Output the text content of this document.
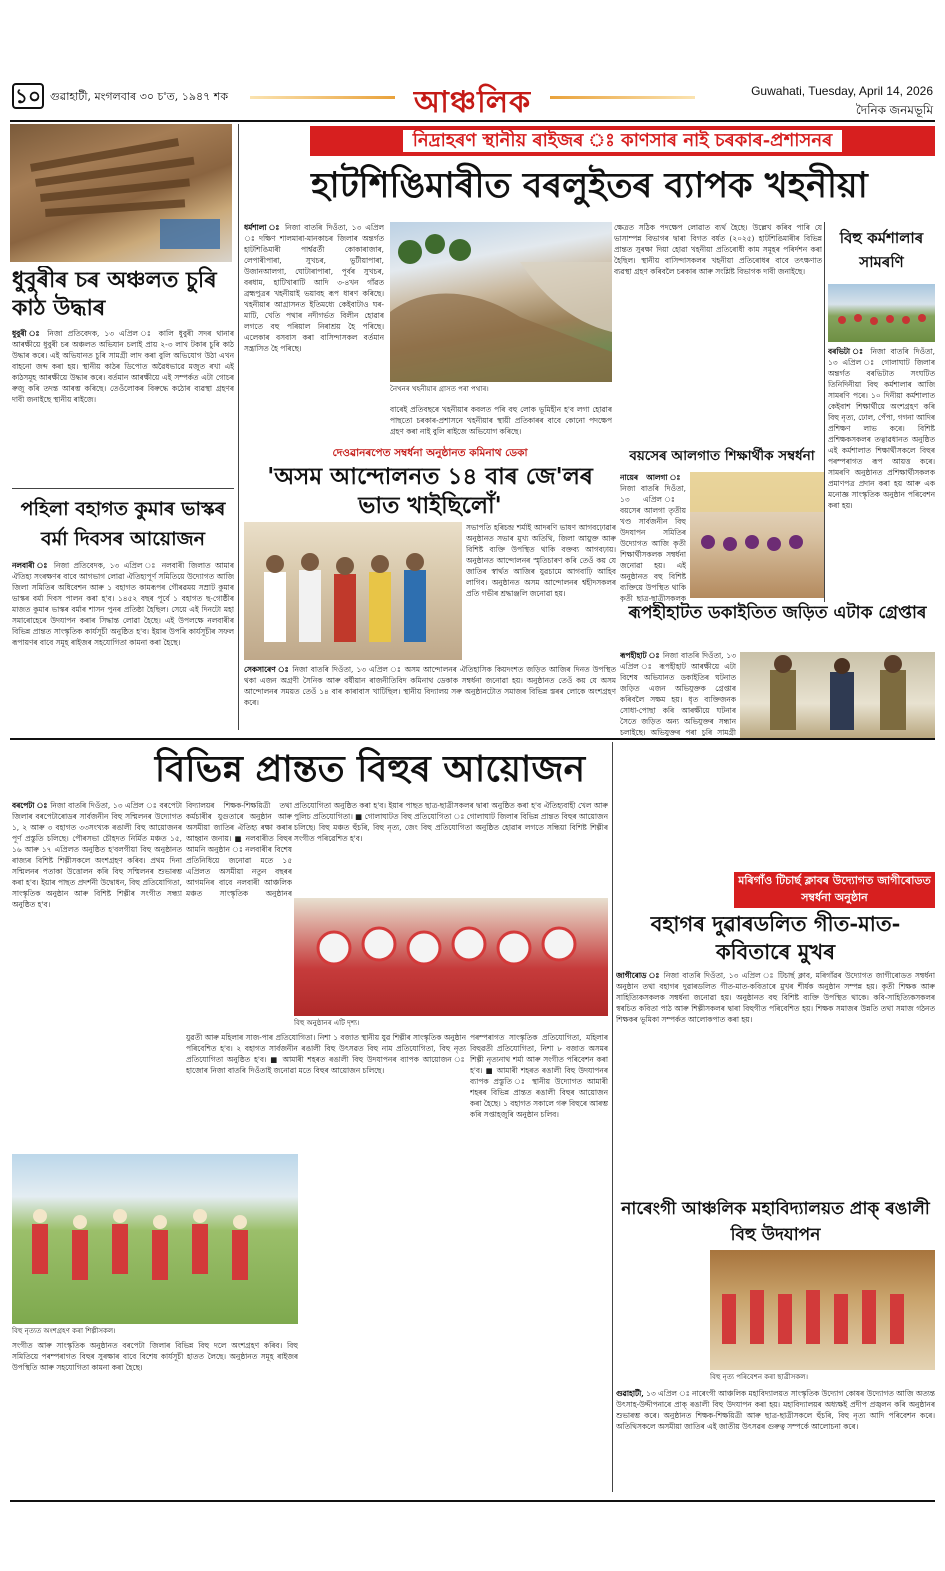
১০ গুৱাহাটী, মংগলবাৰ ৩০ চ'ত, ১৯৪৭ শক	আঞ্চলিক	Guwahati, Tuesday, April 14, 2026
দৈনিক জনমভূমি
নিদ্ৰাহৰণ স্থানীয় ৰাইজৰ ঃ কাণসাৰ নাই চৰকাৰ-প্ৰশাসনৰ
ধুবুৰীৰ চৰ অঞ্চলত চুৰি কাঠ উদ্ধাৰ
ধুবুৰী ঃ নিজা প্ৰতিবেদক, ১৩ এপ্ৰিল ঃ কালি ধুবুৰী সদৰ থানাৰ আৰক্ষীয়ে ধুবুৰী চৰ অঞ্চলত অভিযান চলাই প্ৰায় ২-৩ লাখ টকাৰ চুৰি কাঠ উদ্ধাৰ কৰে। এই অভিযানত চুৰি সামগ্ৰী লাদ কৰা বুলি অভিযোগ উঠা এখন বাহনো জব্দ কৰা হয়। স্থানীয় কাঠৰ ডিপোত অৱৈধভাৱে মজুত ৰখা এই কাঠসমূহ আৰক্ষীয়ে উদ্ধাৰ কৰে। বৰ্তমান আৰক্ষীয়ে এই সম্পৰ্কত এটা গোচৰ ৰুজু কৰি তদন্ত আৰম্ভ কৰিছে। তেওঁলোকৰ বিৰুদ্ধে কঠোৰ ব্যৱস্থা গ্ৰহণৰ দাবী জনাইছে স্থানীয় ৰাইজে।
পহিলা বহাগত কুমাৰ ভাস্কৰ বৰ্মা দিবসৰ আয়োজন
নলবাৰী ঃ নিজা প্ৰতিবেদক, ১৩ এপ্ৰিল ঃ নলবাৰী জিলাত আমাৰ ঐতিহ্য সংৰক্ষণৰ বাবে আগভাগ লোৱা ঐতিহ্যপূৰ্ণ সমিতিয়ে উদ্যোগত আজি জিলা সমিতিৰ অধিবেশন আৰু ১ বহাগত কামৰূপৰ গৌৰৱময় সম্ৰাট কুমাৰ ভাস্কৰ বৰ্মা দিবস পালন কৰা হ'ব। ১৪৫২ বছৰ পূৰ্বে ১ বহাগত ছ-গোষ্ঠীৰ মাজত কুমাৰ ভাস্কৰ বৰ্মাৰ শাসন পুনৰ প্ৰতিষ্ঠা হৈছিল। সেয়ে এই দিনটো মহা সমাৰোহেৰে উদযাপন কৰাৰ সিদ্ধান্ত লোৱা হৈছে। এই উপলক্ষে নলবাৰীৰ বিভিন্ন প্ৰান্তত সাংস্কৃতিক কাৰ্যসূচী অনুষ্ঠিত হ'ব। ইয়াৰ উপৰি কাৰ্যসূচীৰ সফল ৰূপায়ণৰ বাবে সমূহ ৰাইজৰ সহযোগিতা কামনা কৰা হৈছে।
হাটশিঙিমাৰীত বৰলুইতৰ ব্যাপক খহনীয়া
ধৰ্মশালা ঃ নিজা বাতৰি দিওঁতা, ১৩ এপ্ৰিল ঃ দক্ষিণ শালমাৰা-মানকাচৰ জিলাৰ অন্তৰ্গত হাটশিঙিমাৰী পাৰ্শ্বৱৰ্তী কোকাৰাজাৰ, লেপাৰীপাৰা, সুখচৰ, ভুটীয়াপাৰা, উজানআলগা, ঘোটাৰাপাৰা, পূৰ্বৰ সুখচৰ, বৰধাম, হাটিখাৰাটি আদি ৩-৪খন গাঁৱত ব্ৰহ্মপুত্ৰৰ খহনীয়াই ভয়াবহ ৰূপ ধাৰণ কৰিছে। খহনীয়াৰ আগ্ৰাসনত ইতিমধ্যে কেইবাটাও ঘৰ-মাটি, খেতি পথাৰ নদীগৰ্ভত বিলীন হোৱাৰ লগতে বহু পৰিয়াল নিৰাশ্ৰয় হৈ পৰিছে। এলেকাৰ বসবাস কৰা বাসিন্দাসকল বৰ্তমান সন্ত্ৰাসিত হৈ পৰিছে।
নৈখনৰ খহনীয়াৰ গ্ৰাসত পৰা পথাৰ।
ক্ষেত্ৰত সঠিক পদক্ষেপ লোৱাত ব্যৰ্থ হৈছে। উল্লেখ কৰিব পাৰি যে ভাসাম্পন্ন বিভাগৰ দ্বাৰা বিগত বৰ্ষত (২০২৫) হাটশিঙিমাৰীৰ বিভিন্ন প্ৰান্তত সুৰক্ষা দিয়া হোৱা খহনীয়া প্ৰতিৰোধী কাম সমূহৰ পৰিৰ্দশন কৰা হৈছিল। স্থানীয় বাসিন্দাসকলৰ খহনীয়া প্ৰতিৰোধৰ বাবে তৎক্ষণাত ব্যৱস্থা গ্ৰহণ কৰিবলৈ চৰকাৰ আৰু সংশ্লিষ্ট বিভাগক দাবী জনাইছে।
বাৰেই প্ৰতিবছৰে খহনীয়াৰ কবলত পৰি বহু লোক ভূমিহীন হ'ব লগা হোৱাৰ পাছতো চৰকাৰ-প্ৰশাসনে খহনীয়াৰ স্থায়ী প্ৰতিকাৰৰ বাবে কোনো পদক্ষেপ গ্ৰহণ কৰা নাই বুলি ৰাইজে অভিযোগ কৰিছে।
বিহু কৰ্মশালাৰ সামৰণি
বৰভিটা ঃ নিজা বাতৰি দিওঁতা, ১৩ এপ্ৰিল ঃ গোলাঘাট জিলাৰ অন্তৰ্গত বৰভিটাত সংঘটিত তিনিদিনীয়া বিহু কৰ্মশালাৰ আজি সামৰণি পৰে। ১০ দিনীয়া কৰ্মশালাত কেইবাশ শিক্ষাৰ্থীয়ে অংশগ্ৰহণ কৰি বিহু নৃত্য, ঢোল, পেঁপা, গগনা আদিৰ প্ৰশিক্ষণ লাভ কৰে। বিশিষ্ট প্ৰশিক্ষকসকলৰ তত্বাৱধানত অনুষ্ঠিত এই কৰ্মশালাত শিক্ষাৰ্থীসকলে বিহুৰ পৰম্পৰাগত ৰূপ আয়ত্ত কৰে। সামৰণি অনুষ্ঠানত প্ৰশিক্ষাৰ্থীসকলক প্ৰমাণপত্ৰ প্ৰদান কৰা হয় আৰু এক মনোজ্ঞ সাংস্কৃতিক অনুষ্ঠান পৰিবেশন কৰা হয়।
দেওৱানৰপেত সম্বৰ্ধনা অনুষ্ঠানত কমিনাথ ডেকা
'অসম আন্দোলনত ১৪ বাৰ জে'লৰ ভাত খাইছিলোঁ'
সেকসাৰেণ ঃ নিজা বাতৰি দিওঁতা, ১৩ এপ্ৰিল ঃ অসম আন্দোলনৰ ঐতিহাসিক কিয়দংশত জড়িত আজিৰ দিনত উপস্থিত থকা এজন অগ্ৰণী সৈনিক আৰু বৰ্ষীয়ান ৰাজনীতিবিদ কমিনাথ ডেকাক সম্বৰ্ধনা জনোৱা হয়। অনুষ্ঠানত তেওঁ কয় যে অসম আন্দোলনৰ সময়ত তেওঁ ১৪ বাৰ কাৰাবাস খাটিছিল। স্থানীয় বিদ্যালয় সৰু অনুষ্ঠানটোত সমাজৰ বিভিন্ন স্তৰৰ লোকে অংশগ্ৰহণ কৰে।
সভাপতি হৰিচন্দ্ৰ শৰ্মাই আদৰণি ভাষণ আগবঢ়োৱাৰ অনুষ্ঠানত সভাৰ মুখ্য অতিথি, জিলা আয়ুক্ত আৰু বিশিষ্ট ব্যক্তি উপস্থিত থাকি বক্তব্য আগবঢ়ায়। অনুষ্ঠানত আন্দোলনৰ স্মৃতিচাৰণ কৰি তেওঁ কয় যে জাতিৰ স্বাৰ্থত আজিৰ যুৱচামে আগবাঢ়ি আহিব লাগিব। অনুষ্ঠানত অসম আন্দোলনৰ শ্বহীদসকলৰ প্ৰতি গভীৰ শ্ৰদ্ধাঞ্জলি জনোৱা হয়।
বয়সেৰ আলগাত শিক্ষাৰ্থীক সম্বৰ্ধনা
নায়েৰ আলগা ঃ নিজা বাতৰি দিওঁতা, ১৩ এপ্ৰিল ঃ বয়সেৰ আলগা তৃতীয় খণ্ড সাৰ্বজনীন বিহু উদযাপন সমিতিৰ উদ্যোগত আজি কৃতী শিক্ষাৰ্থীসকলক সম্বৰ্ধনা জনোৱা হয়। এই অনুষ্ঠানত বহু বিশিষ্ট ব্যক্তিয়ে উপস্থিত থাকি কৃতী ছাত্ৰ-ছাত্ৰীসকলক
ৰূপহীহাটত ডকাইতিত জড়িত এটাক গ্ৰেপ্তাৰ
ৰূপহীহাট ঃ নিজা বাতৰি দিওঁতা, ১৩ এপ্ৰিল ঃ ৰূপহীহাট আৰক্ষীয়ে এটা বিশেষ অভিযানত ডকাইতিৰ ঘটনাত জড়িত এজন অভিযুক্তক গ্ৰেপ্তাৰ কৰিবলৈ সক্ষম হয়। ধৃত ব্যক্তিজনক সোধা-পোছা কৰি আৰক্ষীয়ে ঘটনাৰ সৈতে জড়িত অন্য অভিযুক্তৰ সন্ধান চলাইছে। অভিযুক্তৰ পৰা চুৰি সামগ্ৰী
বিভিন্ন প্ৰান্তত বিহুৰ আয়োজন
বৰপেটা ঃ নিজা বাতৰি দিওঁতা, ১৩ এপ্ৰিল ঃ বৰপেটা জিলাৰ বৰপেটাৰোডৰ সাৰ্বজনীন বিহু সন্মিলনৰ উদ্যোগত ১, ২ আৰু ৩ বহাগত ৩৩সংখ্যক ৰঙালী বিহু আয়োজনৰ পূৰ্ণ প্ৰস্তুতি চলিছে। পৌৰসভা চৌহদত নিৰ্মিত মঞ্চত ১৫, ১৬ আৰু ১৭ এপ্ৰিলত অনুষ্ঠিত হ'বলগীয়া বিহু অনুষ্ঠানত ৰাজ্যৰ বিশিষ্ট শিল্পীসকলে অংশগ্ৰহণ কৰিব। প্ৰথম দিনা সন্মিলনৰ পতাকা উত্তোলন কৰি বিহু সম্মিলনৰ শুভাৰম্ভ কৰা হ'ব। ইয়াৰ পাছত প্ৰদৰ্শনী উদ্বোধন, বিহু প্ৰতিযোগিতা, সাংস্কৃতিক অনুষ্ঠান আৰু বিশিষ্ট শিল্পীৰ সংগীত সন্ধ্যা অনুষ্ঠিত হ'ব।
বিদ্যালয়ৰ শিক্ষক-শিক্ষয়িত্ৰী তথা কৰ্মচাৰীৰ যুগুতাৰে অনুষ্ঠান আৰু অসমীয়া জাতিৰ ঐতিহ্য ৰক্ষা কৰাৰ আহ্বান জনায়। ■ নলবাৰীত বিহুৰ আমনি অনুষ্ঠান ঃ নলবাৰীৰ বিশেষ প্ৰতিনিধিয়ে জনোৱা মতে ১৫ এপ্ৰিলত অসমীয়া নতুন বছৰৰ আগমনিৰ বাবে নলবাৰী আঞ্চলিক মঞ্চত সাংস্কৃতিক অনুষ্ঠানৰ
বিহু অনুষ্ঠানৰ এটি দৃশ্য।
প্ৰতিযোগিতা অনুষ্ঠিত কৰা হ'ব। ইয়াৰ পাছত ছাত্ৰ-ছাত্ৰীসকলৰ দ্বাৰা অনুষ্ঠিত কৰা হ'ব ঐতিহ্যবাহী খেল আৰু পুলিচ প্ৰতিযোগিতা। ■ গোলাঘাটত বিহু প্ৰতিযোগিতা ঃ গোলাঘাট জিলাৰ বিভিন্ন প্ৰান্তত বিহুৰ আয়োজন চলিছে। বিহু মঞ্চত হুঁচৰি, বিহু নৃত্য, জেং বিহু প্ৰতিযোগিতা অনুষ্ঠিত হোৱাৰ লগতে সন্ধিয়া বিশিষ্ট শিল্পীৰ সংগীত পৰিৱেশিত হ'ব।
যুৱতী আৰু মহিলাৰ সাজ-পাৰ প্ৰতিযোগিতা। নিশা ১ বজাত স্থানীয় যুৱ শিল্পীৰ সাংস্কৃতিক অনুষ্ঠান পৰিবেশিত হ'ব। ২ বহাগত সাৰ্বজনীন ৰঙালী বিহু উৎসৱত বিহু নাম প্ৰতিযোগিতা, বিহু নৃত্য প্ৰতিযোগিতা অনুষ্ঠিত হ'ব। ■ আমাৰী শহৰত ৰঙালী বিহু উদযাপনৰ ব্যাপক আয়োজন ঃ হাজোৰ নিজা বাতৰি দিওঁতাই জনোৱা মতে বিহুৰ আয়োজন চলিছে।
পৰম্পৰাগত সাংস্কৃতিক প্ৰতিযোগিতা, মহিলাৰ বিহুৱতী প্ৰতিযোগিতা, নিশা ৮ বজাত অসমৰ শিল্পী নৃত্যনাথ শৰ্মা আৰু সংগীত পৰিবেশন কৰা হ'ব। ■ আমাৰী শহৰত ৰঙালী বিহু উদযাপনৰ ব্যাপক প্ৰস্তুতি ঃ স্থানীয় উদ্যোগত আমাৰী শহৰৰ বিভিন্ন প্ৰান্তত ৰঙালী বিহুৰ আয়োজন কৰা হৈছে। ১ বহাগত সকালে গৰু বিহুৰে আৰম্ভ কৰি সপ্তাহজুৰি অনুষ্ঠান চলিব।
বিহু নৃত্যত অংশগ্ৰহণ কৰা শিল্পীসকল।
সংগীত আৰু সাংস্কৃতিক অনুষ্ঠানত বৰপেটা জিলাৰ বিভিন্ন বিহু দলে অংশগ্ৰহণ কৰিব। বিহু সমিতিয়ে পৰম্পৰাগত বিহুৰ সুৰক্ষাৰ বাবে বিশেষ কাৰ্যসূচী হাতত লৈছে। অনুষ্ঠানত সমূহ ৰাইজৰ উপস্থিতি আৰু সহযোগিতা কামনা কৰা হৈছে।
মৰিগাঁও টিচাৰ্ছ ক্লাবৰ উদ্যোগত জাগীৰোডত সম্বৰ্ধনা অনুষ্ঠান
বহাগৰ দুৱাৰডলিত গীত-মাত-কবিতাৰে মুখৰ
জাগীৰোড ঃ নিজা বাতৰি দিওঁতা, ১৩ এপ্ৰিল ঃ টিচাৰ্ছ ক্লাব, মৰিগাঁৱৰ উদ্যোগত জাগীৰোডত সম্বৰ্ধনা অনুষ্ঠান তথা বহাগৰ দুৱাৰডলিত গীত-মাত-কবিতাৰে মুখৰ শীৰ্ষক অনুষ্ঠান সম্পন্ন হয়। কৃতী শিক্ষক আৰু সাহিত্যিকসকলক সম্বৰ্ধনা জনোৱা হয়। অনুষ্ঠানত বহু বিশিষ্ট ব্যক্তি উপস্থিত থাকে। কবি-সাহিত্যিকসকলৰ স্বৰচিত কবিতা পাঠ আৰু শিল্পীসকলৰ দ্বাৰা বিহুগীত পৰিবেশিত হয়। শিক্ষক সমাজৰ উন্নতি তথা সমাজ গঠনত শিক্ষকৰ ভূমিকা সম্পৰ্কত আলোকপাত কৰা হয়।
নাৰেংগী আঞ্চলিক মহাবিদ্যালয়ত প্ৰাক্ ৰঙালী বিহু উদযাপন
বিহু নৃত্য পৰিবেশন কৰা ছাত্ৰীসকল।
গুৱাহাটী, ১৩ এপ্ৰিল ঃ নাৰেংগী আঞ্চলিক মহাবিদ্যালয়ত সাংস্কৃতিক উদ্যোগ কোষৰ উদ্যোগত আজি অত্যন্ত উৎসাহ-উদ্দীপনাৰে প্ৰাক্ ৰঙালী বিহু উদযাপন কৰা হয়। মহাবিদ্যালয়ৰ অধ্যক্ষই প্ৰদীপ প্ৰজ্বলন কৰি অনুষ্ঠানৰ শুভাৰম্ভ কৰে। অনুষ্ঠানত শিক্ষক-শিক্ষয়িত্ৰী আৰু ছাত্ৰ-ছাত্ৰীসকলে হুঁচৰি, বিহু নৃত্য আদি পৰিবেশন কৰে। অতিথিসকলে অসমীয়া জাতিৰ এই জাতীয় উৎসৱৰ গুৰুত্ব সম্পৰ্কে আলোচনা কৰে।
